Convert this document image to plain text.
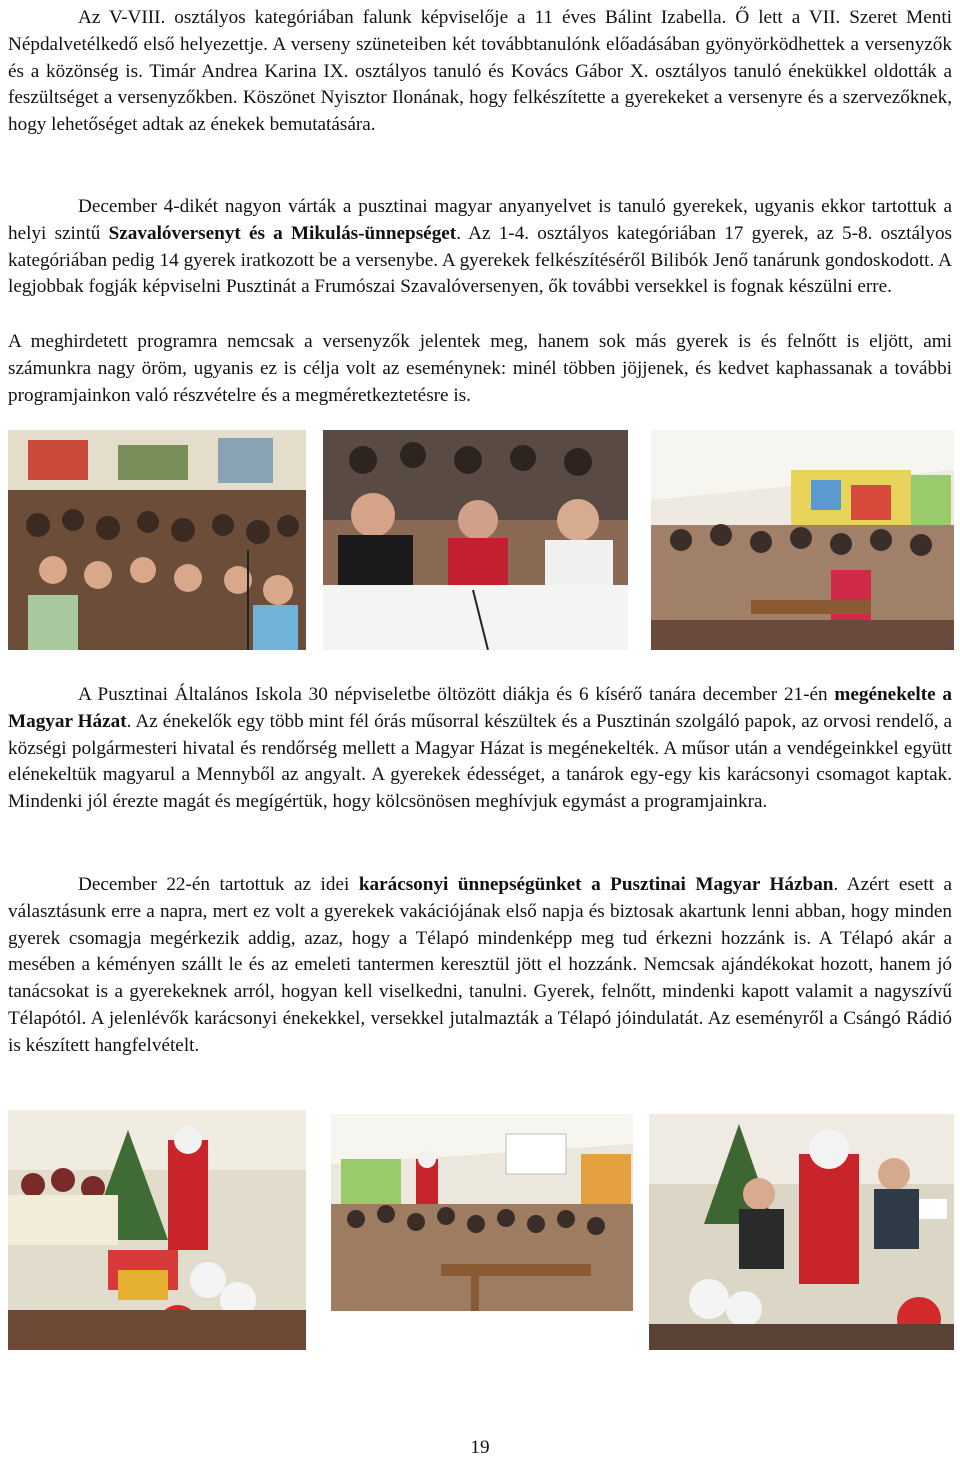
Az V-VIII. osztályos kategóriában falunk képviselője a 11 éves Bálint Izabella. Ő lett a VII. Szeret Menti Népdalvetélkedő első helyezettje. A verseny szüneteiben két továbbtanulónk előadásában gyönyörködhettek a versenyzők és a közönség is. Timár Andrea Karina IX. osztályos tanuló és Kovács Gábor X. osztályos tanuló énekükkel oldották a feszültséget a versenyzőkben. Köszönet Nyisztor Ilonának, hogy felkészítette a gyerekeket a versenyre és a szervezőknek, hogy lehetőséget adtak az énekek bemutatására.

December 4-dikét nagyon várták a pusztinai magyar anyanyelvet is tanuló gyerekek, ugyanis ekkor tartottuk a helyi szintű Szavalóversenyt és a Mikulás-ünnepséget. Az 1-4. osztályos kategóriában 17 gyerek, az 5-8. osztályos kategóriában pedig 14 gyerek iratkozott be a versenybe. A gyerekek felkészítéséről Bilibók Jenő tanárunk gondoskodott. A legjobbak fogják képviselni Pusztinát a Frumószai Szavalóversenyen, ők további versekkel is fognak készülni erre.

A meghirdetett programra nemcsak a versenyzők jelentek meg, hanem sok más gyerek is és felnőtt is eljött, ami számunkra nagy öröm, ugyanis ez is célja volt az eseménynek: minél többen jöjjenek, és kedvet kaphassanak a további programjainkon való részvételre és a megméretkeztetésre is.

A Pusztinai Általános Iskola 30 népviseletbe öltözött diákja és 6 kísérő tanára december 21-én megénekelte a Magyar Házat. Az énekelők egy több mint fél órás műsorral készültek és a Pusztinán szolgáló papok, az orvosi rendelő, a községi polgármesteri hivatal és rendőrség mellett a Magyar Házat is megénekelték. A műsor után a vendégeinkkel együtt elénekeltük magyarul a Mennyből az angyalt. A gyerekek édességet, a tanárok egy-egy kis karácsonyi csomagot kaptak. Mindenki jól érezte magát és megígértük, hogy kölcsönösen meghívjuk egymást a programjainkra.

December 22-én tartottuk az idei karácsonyi ünnepségünket a Pusztinai Magyar Házban. Azért esett a választásunk erre a napra, mert ez volt a gyerekek vakációjának első napja és biztosak akartunk lenni abban, hogy minden gyerek csomagja megérkezik addig, azaz, hogy a Télapó mindenképp meg tud érkezni hozzánk is. A Télapó akár a mesében a kéményen szállt le és az emeleti tantermen keresztül jött el hozzánk. Nemcsak ajándékokat hozott, hanem jó tanácsokat is a gyerekeknek arról, hogyan kell viselkedni, tanulni. Gyerek, felnőtt, mindenki kapott valamit a nagyszívű Télapótól. A jelenlévők karácsonyi énekekkel, versekkel jutalmazták a Télapó jóindulatát. Az eseményről a Csángó Rádió is készített hangfelvételt.

19
